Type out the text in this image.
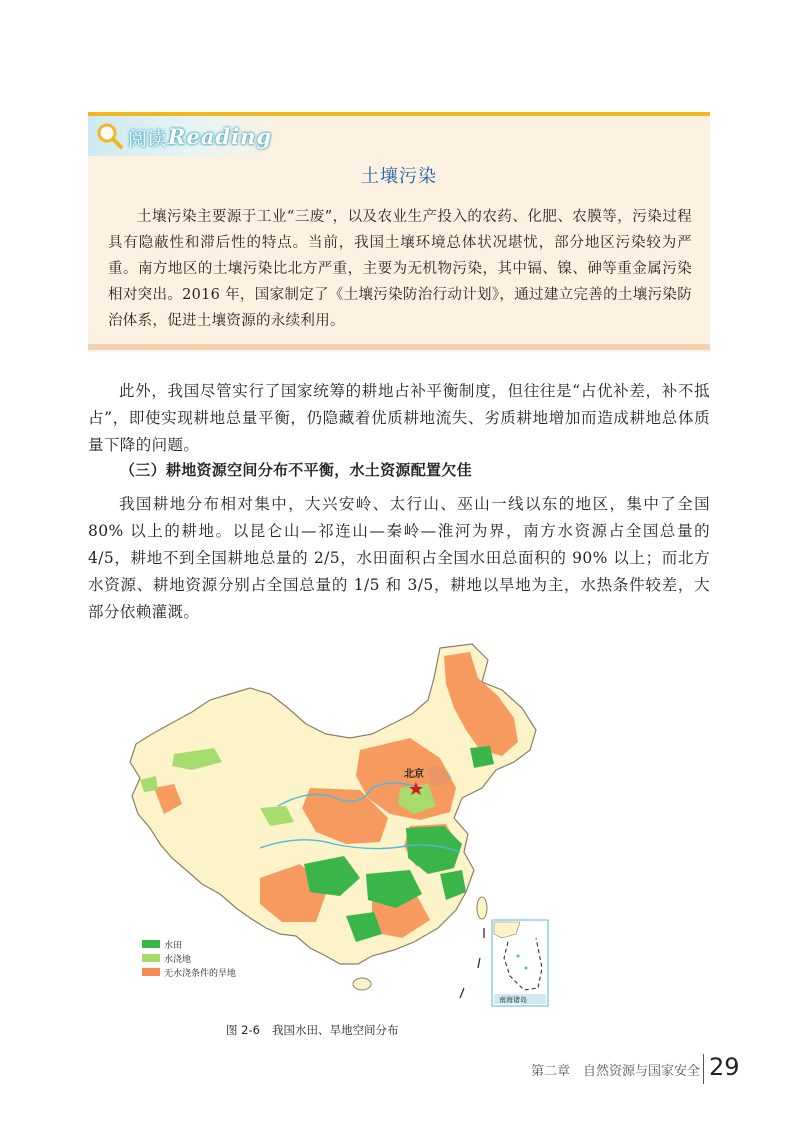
阅读 Reading
土壤污染

土壤污染主要源于工业“三废”，以及农业生产投入的农药、化肥、农膜等，污染过程具有隐蔽性和滞后性的特点。当前，我国土壤环境总体状况堪忧，部分地区污染较为严重。南方地区的土壤污染比北方严重，主要为无机物污染，其中镉、镍、砷等重金属污染相对突出。2016 年，国家制定了《土壤污染防治行动计划》，通过建立完善的土壤污染防治体系，促进土壤资源的永续利用。

此外，我国尽管实行了国家统筹的耕地占补平衡制度，但往往是“占优补差，补不抵占”，即使实现耕地总量平衡，仍隐藏着优质耕地流失、劣质耕地增加而造成耕地总体质量下降的问题。

（三）耕地资源空间分布不平衡，水土资源配置欠佳

我国耕地分布相对集中，大兴安岭、太行山、巫山一线以东的地区，集中了全国 80% 以上的耕地。以昆仑山—祁连山—秦岭—淮河为界，南方水资源占全国总量的 4/5，耕地不到全国耕地总量的 2/5，水田面积占全国水田总面积的 90% 以上；而北方水资源、耕地资源分别占全国总量的 1/5 和 3/5，耕地以旱地为主，水热条件较差，大部分依赖灌溉。

北京
水田
水浇地
无水浇条件的旱地
南海诸岛

图 2-6 我国水田、旱地空间分布

第二章　自然资源与国家安全 29
